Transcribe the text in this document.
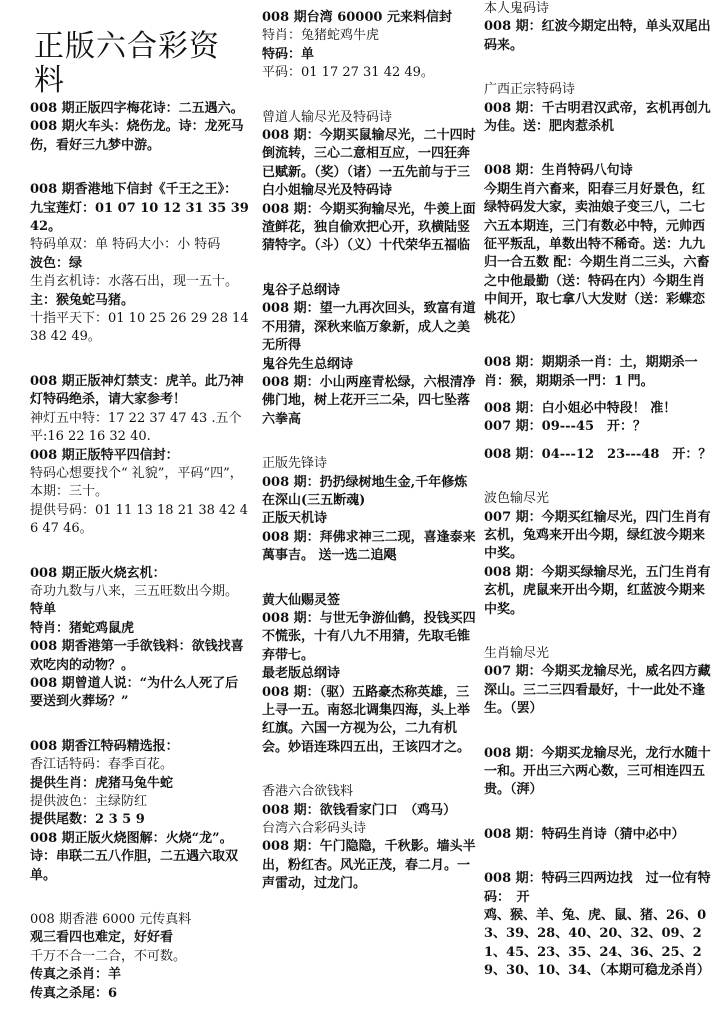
正版六合彩资料
008 期正版四字梅花诗：二五遇六。
008 期火车头：烧伤龙。诗：龙死马伤，看好三九梦中游。
008 期香港地下信封《千王之王》：
九宝莲灯：01 07 10 12 31 35 39 42。
特码单双：单 特码大小：小 特码
波色：绿
生肖玄机诗：水落石出，现一五十。
主：猴兔蛇马猪。
十指平天下：01 10 25 26 29 28 14 38 42 49。
008 期正版神灯禁支：虎羊。此乃神灯特码绝杀，请大家参考！
神灯五中特：17 22 37 47 43 .五个平:16 22 16 32 40.
008 期正版特平四信封：
特码心想要找个“ 礼貌”，平码“四”，本期：三十。
提供号码：01 11 13 18 21 38 42 46 47 46。
008 期正版火烧玄机：
奇功九数与八来，三五旺数出今期。
特单
特肖：猪蛇鸡鼠虎
008 期香港第一手欲钱料：欲钱找喜欢吃肉的动物？。
008 期曾道人说：“为什么人死了后要送到火葬场？”
008 期香江特码精选报：
香江话特码：春季百花。
提供生肖：虎猪马兔牛蛇
提供波色：主绿防红
提供尾数：2 3 5 9
008 期正版火烧图解：火烧“龙”。诗：串联二五八作胆，二五遇六取双单。
008 期香港 6000 元传真料
观三看四也难定，好好看
千万不合一二合，不可数。
传真之杀肖：羊
传真之杀尾：6
008 期台湾 60000 元来料信封
特肖：兔猪蛇鸡牛虎
特码：单
平码：01 17 27 31 42 49。
曾道人输尽光及特码诗
008 期：今期买鼠输尽光，二十四时倒流转，三心二意相互应，一四狂奔已赋新。（奖）（诸）一五先前与于三
白小姐输尽光及特码诗
008 期：今期买狗输尽光，牛羡上面渣鲜花，独自偷欢把心开，玖横陆竖猜特字。（斗）（义）十代荣华五福临
鬼谷子总纲诗
008 期：望一九再次回头，致富有道不用猜，深秋来临万象新，成人之美无所得
鬼谷先生总纲诗
008 期：小山两座青松绿，六根清净佛门地，树上花开三二朵，四七坠落六拳高
正版先锋诗
008 期：扔扔绿树地生金,千年修炼在深山(三五断魂)
正版天机诗
008 期：拜佛求神三二现，喜逢泰来萬事吉。 送一选二追飓
黄大仙赐灵签
008 期：与世无争游仙鹤，投钱买四不慌张，十有八九不用猜，先取毛锥弃带七。
最老版总纲诗
008 期：（驱）五路豪杰称英雄，三上寻一五。南怒北调集四海，头上举红旗。六国一方视为公，二九有机会。妙语连珠四五出，王该四才之。
香港六合欲钱料
008 期：欲钱看家门口　（鸡马）
台湾六合彩码头诗
008 期：午门隐隐，千秋影。墙头半出，粉红杏。风光正茂，春二月。一声雷动，过龙门。
本人鬼码诗
008 期：红波今期定出特，单头双尾出码来。
广西正宗特码诗
008 期：千古明君汉武帝，玄机再创九为佳。送：肥肉惹杀机
008 期：生肖特码八句诗
今期生肖六畜来，阳春三月好景色，红绿特码发大家，卖油娘子变三八，二七六五本期连，三门有数必中特，元帅西征平叛乱，单数出特不稀奇。送：九九归一合五数 配：今期生肖二三头，六畜之中他最勤（送：特码在内）今期生肖中间开，取七拿八大发财（送：彩蝶恋桃花）
008 期：期期杀一肖：土，期期杀一肖：猴，期期杀一門：1 門。
008 期：白小姐必中特段！ 准！
007 期：09---45　开：？
008 期：04---12　23---48　开：？
波色输尽光
007 期：今期买红输尽光，四门生肖有玄机，兔鸡来开出今期，绿红波今期来中奖。
008 期：今期买绿输尽光，五门生肖有玄机，虎鼠来开出今期，红蓝波今期来中奖。
生肖输尽光
007 期：今期买龙输尽光，威名四方藏深山。三二三四看最好，十一此处不逢生。（罢）
008 期：今期买龙输尽光，龙行水随十一和。开出三六两心数，三可相连四五贵。（湃）
008 期：特码生肖诗（猜中必中）
008 期：特码三四两边找　过一位有特码：　开
鸡、猴、羊、兔、虎、鼠、猪、26、03、39、28、40、20、32、09、21、45、23、35、24、36、25、29、30、10、34、（本期可稳龙杀肖）
